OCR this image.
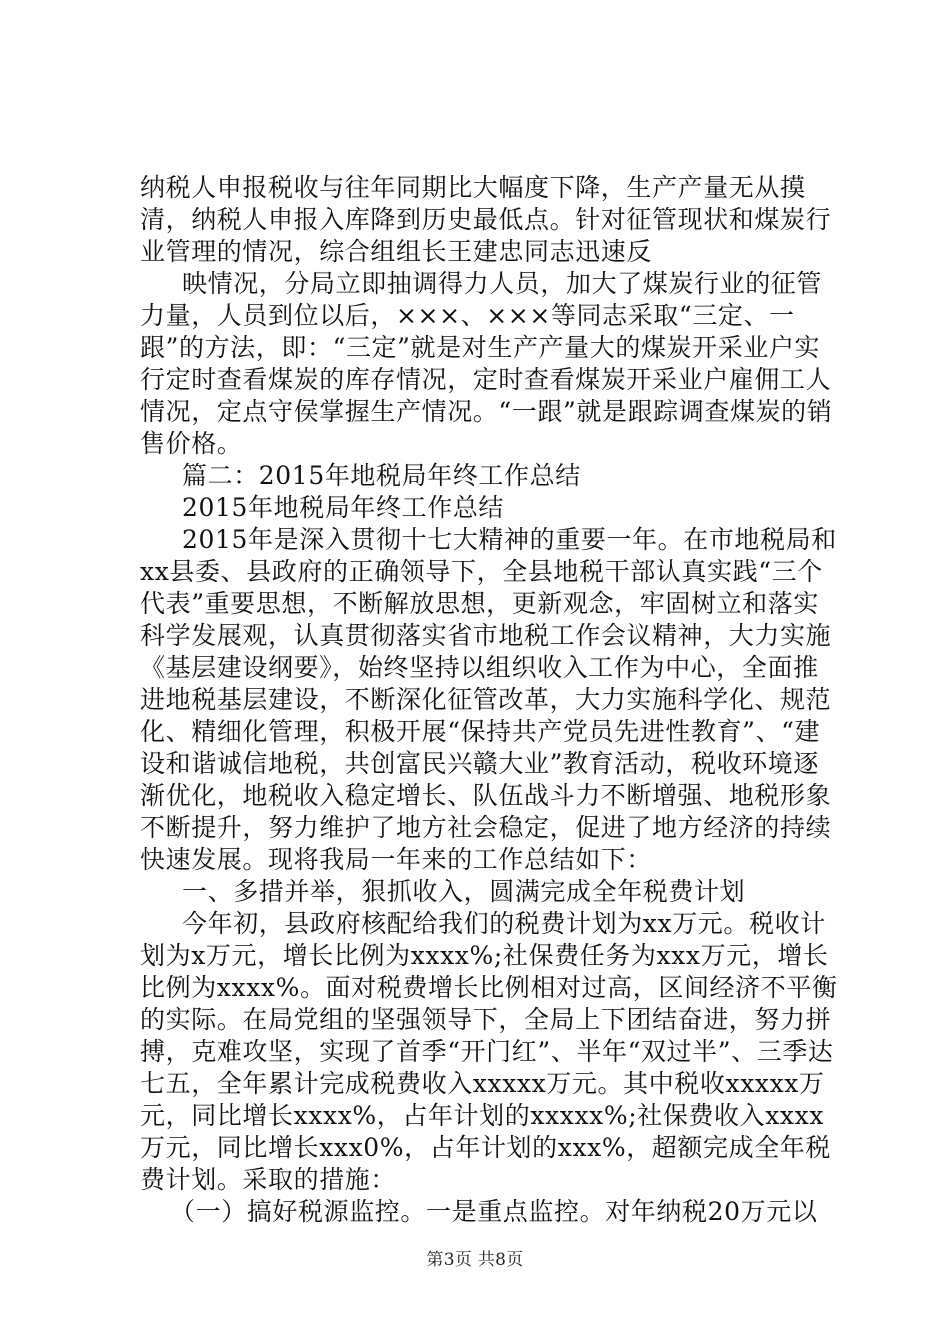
纳税人申报税收与往年同期比大幅度下降，生产产量无从摸清，纳税人申报入库降到历史最低点。针对征管现状和煤炭行业管理的情况，综合组组长王建忠同志迅速反

映情况，分局立即抽调得力人员，加大了煤炭行业的征管力量，人员到位以后，×××、×××等同志采取“三定、一跟”的方法，即：“三定”就是对生产产量大的煤炭开采业户实行定时查看煤炭的库存情况，定时查看煤炭开采业户雇佣工人情况，定点守侯掌握生产情况。“一跟”就是跟踪调查煤炭的销售价格。

篇二：2015年地税局年终工作总结

2015年地税局年终工作总结

2015年是深入贯彻十七大精神的重要一年。在市地税局和xx县委、县政府的正确领导下，全县地税干部认真实践“三个代表”重要思想，不断解放思想，更新观念，牢固树立和落实科学发展观，认真贯彻落实省市地税工作会议精神，大力实施《基层建设纲要》，始终坚持以组织收入工作为中心，全面推进地税基层建设，不断深化征管改革，大力实施科学化、规范化、精细化管理，积极开展“保持共产党员先进性教育”、“建设和谐诚信地税，共创富民兴赣大业”教育活动，税收环境逐渐优化，地税收入稳定增长、队伍战斗力不断增强、地税形象不断提升，努力维护了地方社会稳定，促进了地方经济的持续快速发展。现将我局一年来的工作总结如下：

一、多措并举，狠抓收入，圆满完成全年税费计划

今年初，县政府核配给我们的税费计划为xx万元。税收计划为x万元，增长比例为xxxx%;社保费任务为xxx万元，增长比例为xxxx%。面对税费增长比例相对过高，区间经济不平衡的实际。在局党组的坚强领导下，全局上下团结奋进，努力拼搏，克难攻坚，实现了首季“开门红”、半年“双过半”、三季达七五，全年累计完成税费收入xxxxx万元。其中税收xxxxx万元，同比增长xxxx%，占年计划的xxxxx%;社保费收入xxxx万元，同比增长xxx0%，占年计划的xxx%，超额完成全年税费计划。采取的措施：

（一）搞好税源监控。一是重点监控。对年纳税20万元以

第3页 共8页
